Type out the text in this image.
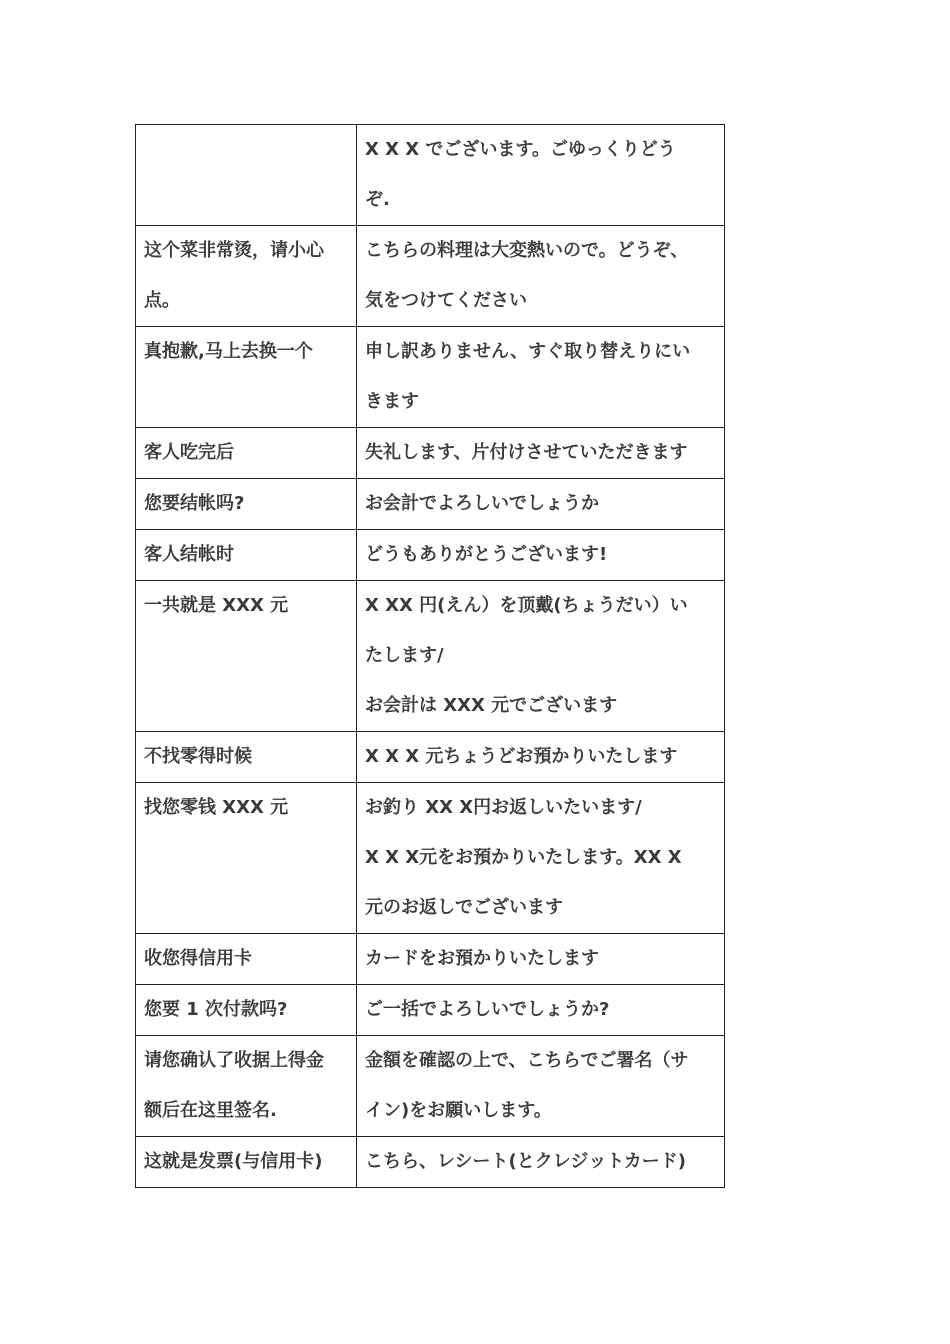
	X X X でございます。ごゆっくりどう
ぞ.

这个菜非常烫，请小心
点。	こちらの料理は大変熱いので。どうぞ、
気をつけてください

真抱歉,马上去换一个	申し訳ありません、すぐ取り替えりにい
きます

客人吃完后	失礼します、片付けさせていただきます

您要结帐吗?	お会計でよろしいでしょうか

客人结帐时	どうもありがとうございます!

一共就是 XXX 元	X XX 円(えん）を顶戴(ちょうだい）い
たします/
お会計は XXX 元でございます

不找零得时候	X X X 元ちょうどお預かりいたします

找您零钱 XXX 元	お釣り XX X円お返しいたいます/
X X X元をお預かりいたします。XX X
元のお返しでございます

收您得信用卡	カードをお預かりいたします

您要 1 次付款吗?	ご一括でよろしいでしょうか?

请您确认了收据上得金
额后在这里签名.	金額を確認の上で、こちらでご署名（サ
イン)をお願いします。

这就是发票(与信用卡)	こちら、レシート(とクレジットカード)
